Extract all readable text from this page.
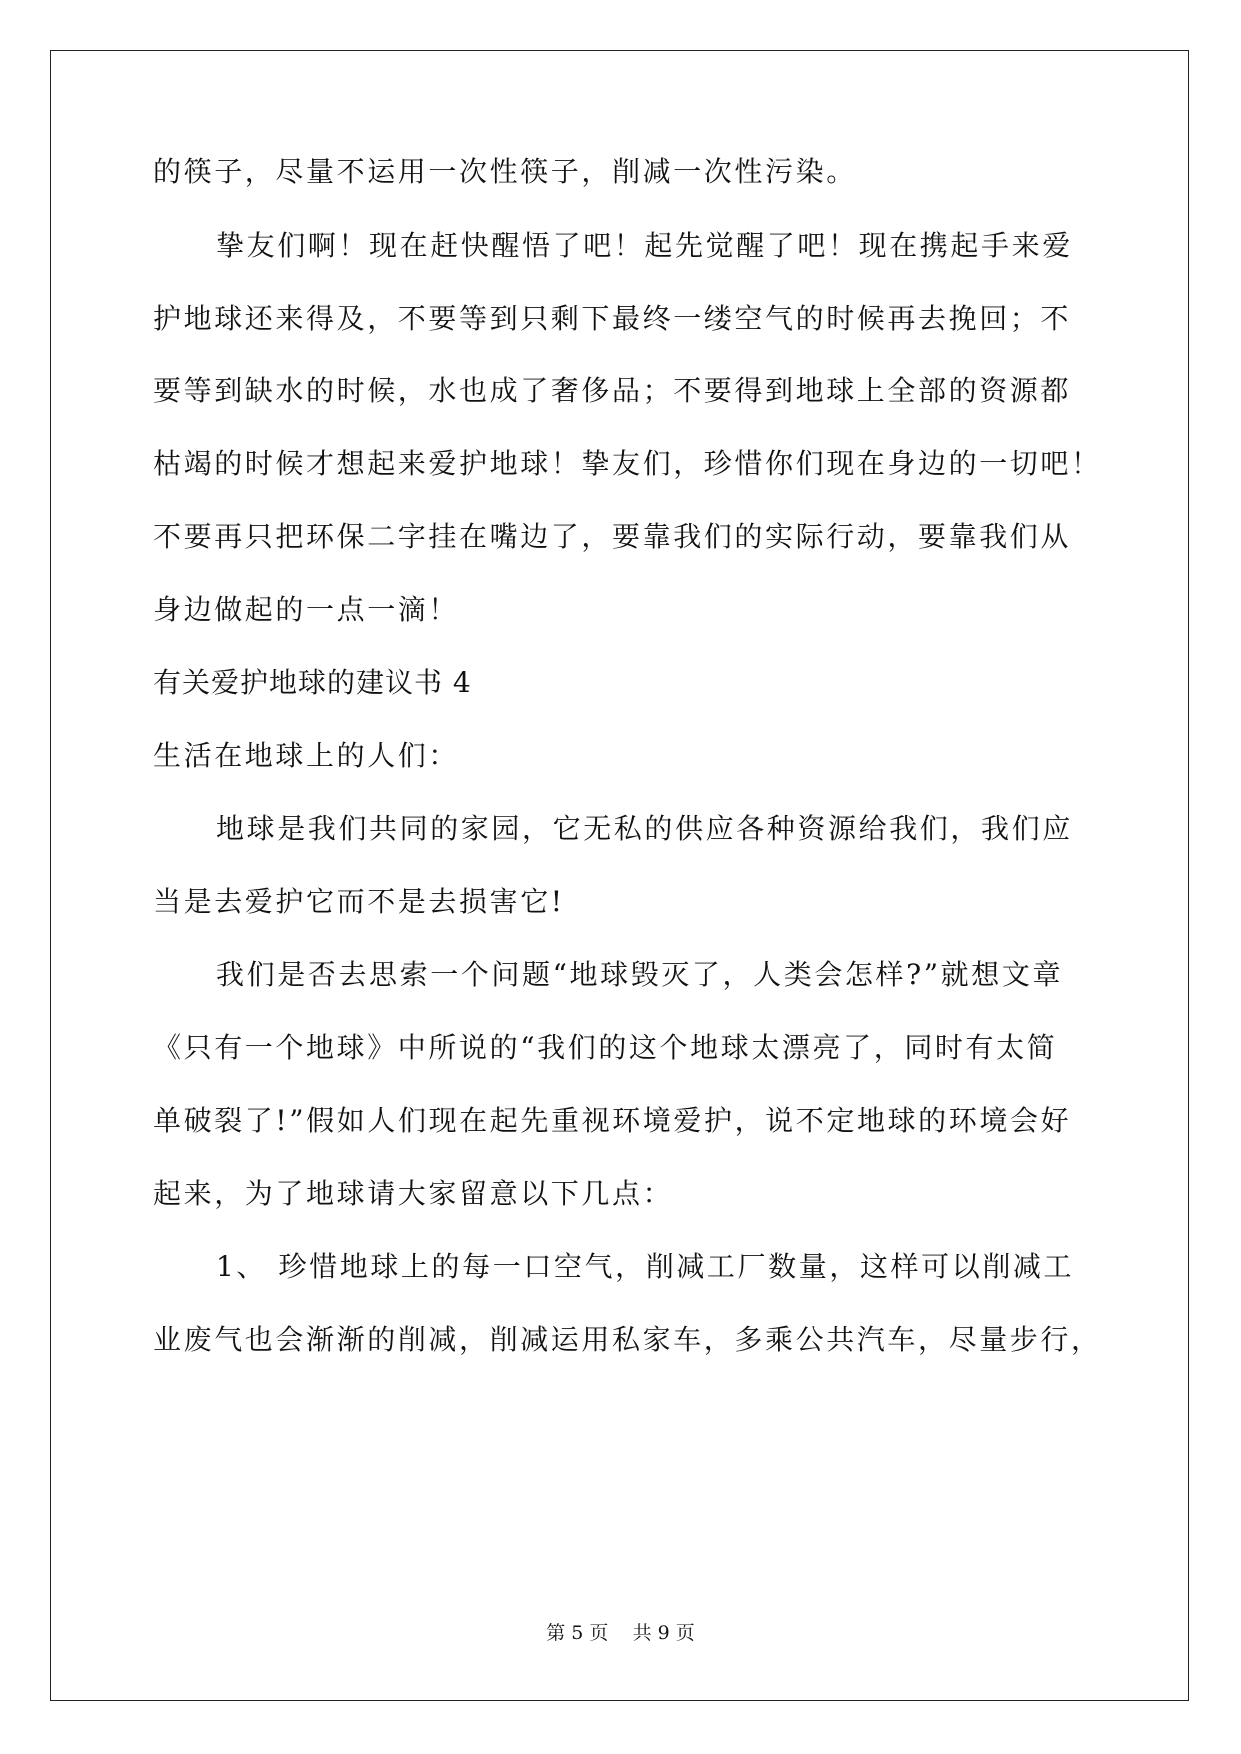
的筷子，尽量不运用一次性筷子，削减一次性污染。
挚友们啊！现在赶快醒悟了吧！起先觉醒了吧！现在携起手来爱
护地球还来得及，不要等到只剩下最终一缕空气的时候再去挽回；不
要等到缺水的时候，水也成了奢侈品；不要得到地球上全部的资源都
枯竭的时候才想起来爱护地球！挚友们，珍惜你们现在身边的一切吧！
不要再只把环保二字挂在嘴边了，要靠我们的实际行动，要靠我们从
身边做起的一点一滴！
有关爱护地球的建议书 4
生活在地球上的人们：
地球是我们共同的家园，它无私的供应各种资源给我们，我们应
当是去爱护它而不是去损害它!
我们是否去思索一个问题“地球毁灭了，人类会怎样?”就想文章
《只有一个地球》中所说的“我们的这个地球太漂亮了，同时有太简
单破裂了!”假如人们现在起先重视环境爱护，说不定地球的环境会好
起来，为了地球请大家留意以下几点：
1、 珍惜地球上的每一口空气，削减工厂数量，这样可以削减工
业废气也会渐渐的削减，削减运用私家车，多乘公共汽车，尽量步行，
第 5 页    共 9 页
